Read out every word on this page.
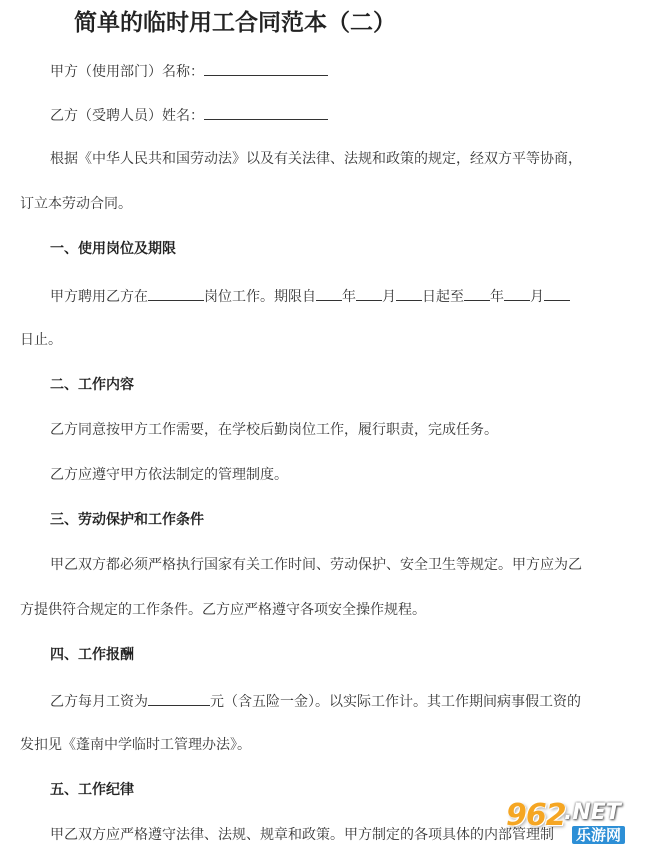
简单的临时用工合同范本（二）
甲方（使用部门）名称：
乙方（受聘人员）姓名：
根据《中华人民共和国劳动法》以及有关法律、法规和政策的规定，经双方平等协商，
订立本劳动合同。
一、使用岗位及期限
甲方聘用乙方在	岗位工作。期限自 年 月 日起至 年 月
日止。
二、工作内容
乙方同意按甲方工作需要，在学校后勤岗位工作，履行职责，完成任务。
乙方应遵守甲方依法制定的管理制度。
三、劳动保护和工作条件
甲乙双方都必须严格执行国家有关工作时间、劳动保护、安全卫生等规定。甲方应为乙
方提供符合规定的工作条件。乙方应严格遵守各项安全操作规程。
四、工作报酬
乙方每月工资为	元（含五险一金）。以实际工作计。其工作期间病事假工资的
发扣见《蓬南中学临时工管理办法》。
五、工作纪律
甲乙双方应严格遵守法律、法规、规章和政策。甲方制定的各项具体的内部管理制
962
.NET
乐游网
